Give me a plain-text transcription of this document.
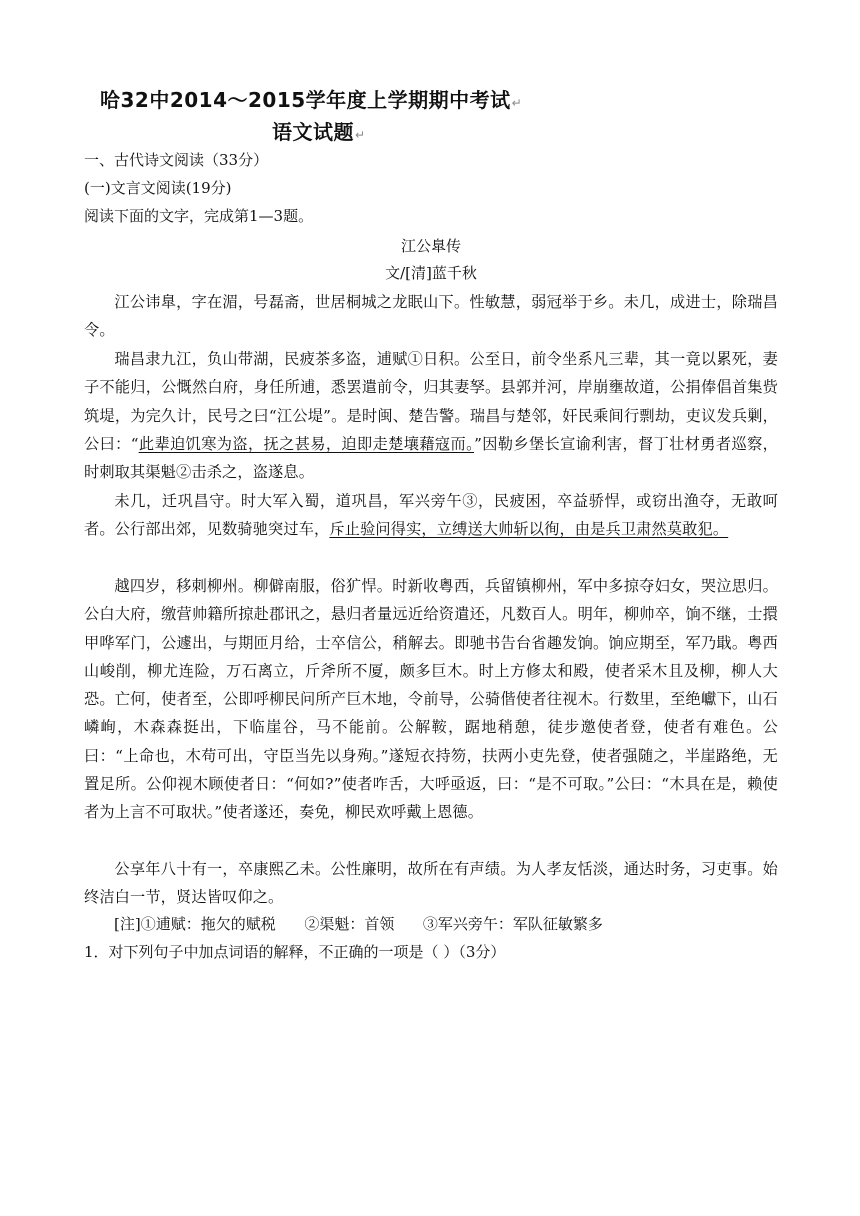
哈32中2014～2015学年度上学期期中考试↵
语文试题↵
一、古代诗文阅读（33分）
(一)文言文阅读(19分)
阅读下面的文字，完成第1—3题。
江公臯传
文/[清]蓝千秋
江公讳臯，字在湄，号磊斋，世居桐城之龙眠山下。性敏慧，弱冠举于乡。未几，成进士，除瑞昌令。
瑞昌隶九江，负山带湖，民疲茶多盗，逋赋①日积。公至日，前令坐系凡三辈，其一竟以累死，妻子不能归，公慨然白府，身任所逋，悉罢遣前令，归其妻孥。县郭并河，岸崩壅故道，公捐俸倡首集赀筑堤，为完久计，民号之曰“江公堤”。是时闽、楚告警。瑞昌与楚邻，奸民乘间行剽劫，吏议发兵剿，公曰：“此辈迫饥寒为盗，抚之甚易，迫即走楚壤藉寇而。”因勒乡堡长宣谕利害，督丁壮材勇者巡察，时刺取其渠魁②击杀之，盗遂息。
未几，迁巩昌守。时大军入蜀，道巩昌，军兴旁午③，民疲困，卒益骄悍，或窃出渔夺，无敢呵者。公行部出郊，见数骑驰突过车，斥止验问得实，立缚送大帅斩以徇，由是兵卫肃然莫敢犯。
越四岁，移刺柳州。柳僻南服，俗犷悍。时新收粤西，兵留镇柳州，军中多掠夺妇女，哭泣思归。公白大府，缴营帅籍所掠赴郡讯之，悬归者量远近给资遣还，凡数百人。明年，柳帅卒，饷不继，士擐甲哗军门，公遽出，与期匝月给，士卒信公，稍解去。即驰书告台省趣发饷。饷应期至，军乃戢。粤西山峻削，柳尤连险，万石离立，斤斧所不厦，颇多巨木。时上方修太和殿，使者采木且及柳，柳人大恐。亡何，使者至，公即呼柳民问所产巨木地，令前导，公骑偕使者往视木。行数里，至绝巘下，山石嶙峋，木森森挺出，下临崖谷，马不能前。公解鞍，踞地稍憩，徒步邀使者登，使者有难色。公曰：“上命也，木苟可出，守臣当先以身殉。”遂短衣持笏，扶两小吏先登，使者强随之，半崖路绝，无置足所。公仰视木顾使者日：“何如?”使者咋舌，大呼亟返，曰：“是不可取。”公曰：“木具在是，赖使者为上言不可取状。”使者遂还，奏免，柳民欢呼戴上恩德。
公享年八十有一，卒康熙乙未。公性廉明，故所在有声绩。为人孝友恬淡，通达时务，习吏事。始终洁白一节，贤达皆叹仰之。
[注]①逋赋：拖欠的赋税      ②渠魁：首领      ③军兴旁午：军队征敏繁多
1．对下列句子中加点词语的解释，不正确的一项是（ ）（3分）
